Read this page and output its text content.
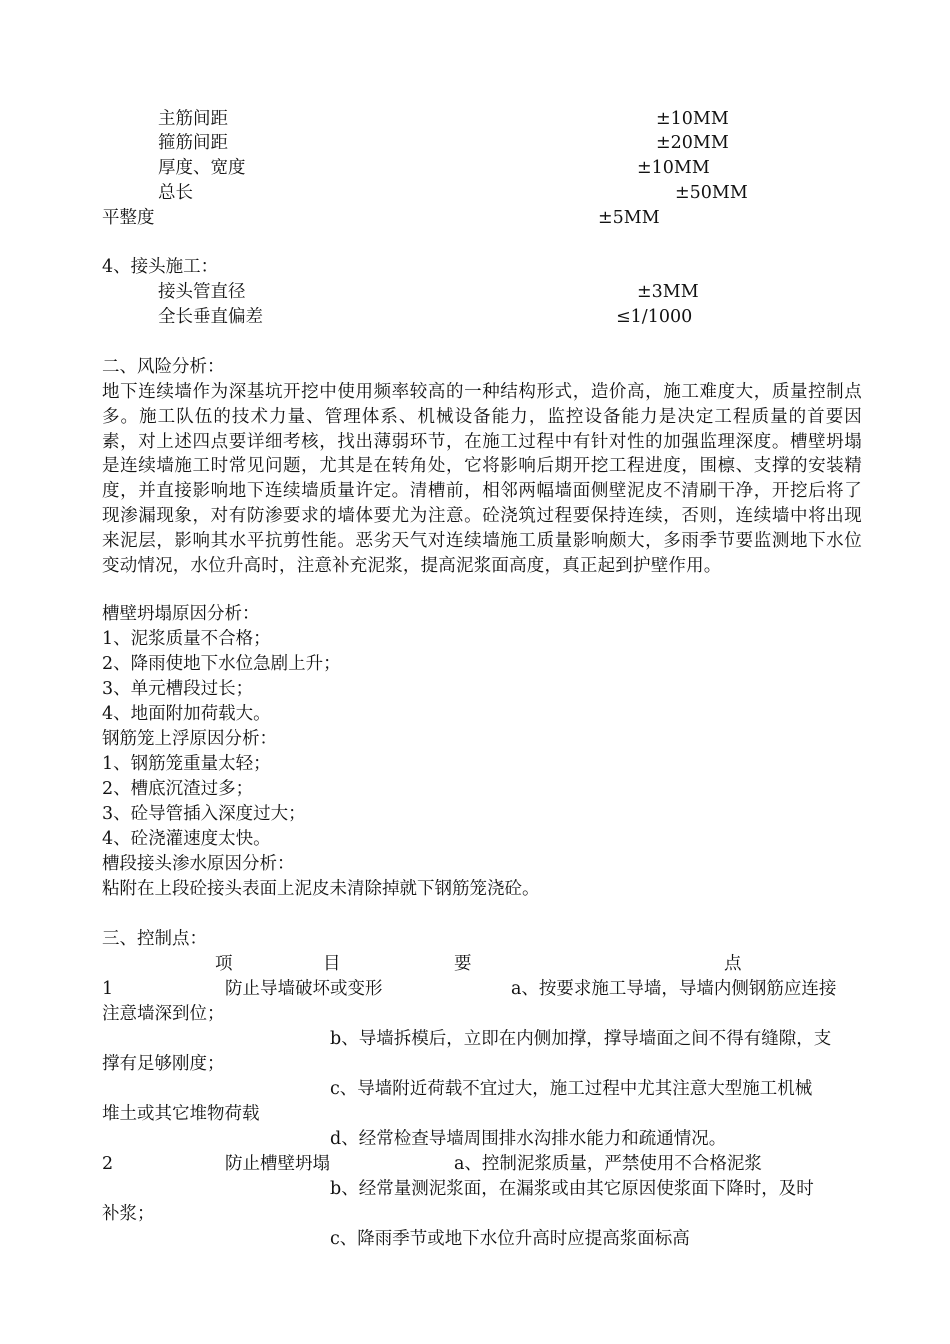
主筋间距	±10MM
箍筋间距	±20MM
厚度、宽度	±10MM
总长	±50MM
平整度	±5MM
4、接头施工：
接头管直径	±3MM
全长垂直偏差	≤1/1000
二、风险分析：
地下连续墙作为深基坑开挖中使用频率较高的一种结构形式，造价高，施工难度大，质量控制点多。施工队伍的技术力量、管理体系、机械设备能力，监控设备能力是决定工程质量的首要因素，对上述四点要详细考核，找出薄弱环节，在施工过程中有针对性的加强监理深度。槽壁坍塌是连续墙施工时常见问题，尤其是在转角处，它将影响后期开挖工程进度，围檩、支撑的安装精度，并直接影响地下连续墙质量许定。清槽前，相邻两幅墙面侧壁泥皮不清刷干净，开挖后将了现渗漏现象，对有防渗要求的墙体要尤为注意。砼浇筑过程要保持连续，否则，连续墙中将出现来泥层，影响其水平抗剪性能。恶劣天气对连续墙施工质量影响颇大，多雨季节要监测地下水位变动情况，水位升高时，注意补充泥浆，提高泥浆面高度，真正起到护壁作用。
槽壁坍塌原因分析：
1、泥浆质量不合格；
2、降雨使地下水位急剧上升；
3、单元槽段过长；
4、地面附加荷载大。
钢筋笼上浮原因分析：
1、钢筋笼重量太轻；
2、槽底沉渣过多；
3、砼导管插入深度过大；
4、砼浇灌速度太快。
槽段接头渗水原因分析：
粘附在上段砼接头表面上泥皮未清除掉就下钢筋笼浇砼。
三、控制点：
项	目	要	点
1	防止导墙破坏或变形	a、按要求施工导墙，导墙内侧钢筋应连接
注意墙深到位；
b、导墙拆模后，立即在内侧加撑，撑导墙面之间不得有缝隙，支
撑有足够刚度；
c、导墙附近荷载不宜过大，施工过程中尤其注意大型施工机械
堆土或其它堆物荷载
d、经常检查导墙周围排水沟排水能力和疏通情况。
2	防止槽壁坍塌	a、控制泥浆质量，严禁使用不合格泥浆
b、经常量测泥浆面，在漏浆或由其它原因使浆面下降时，及时
补浆；
c、降雨季节或地下水位升高时应提高浆面标高
